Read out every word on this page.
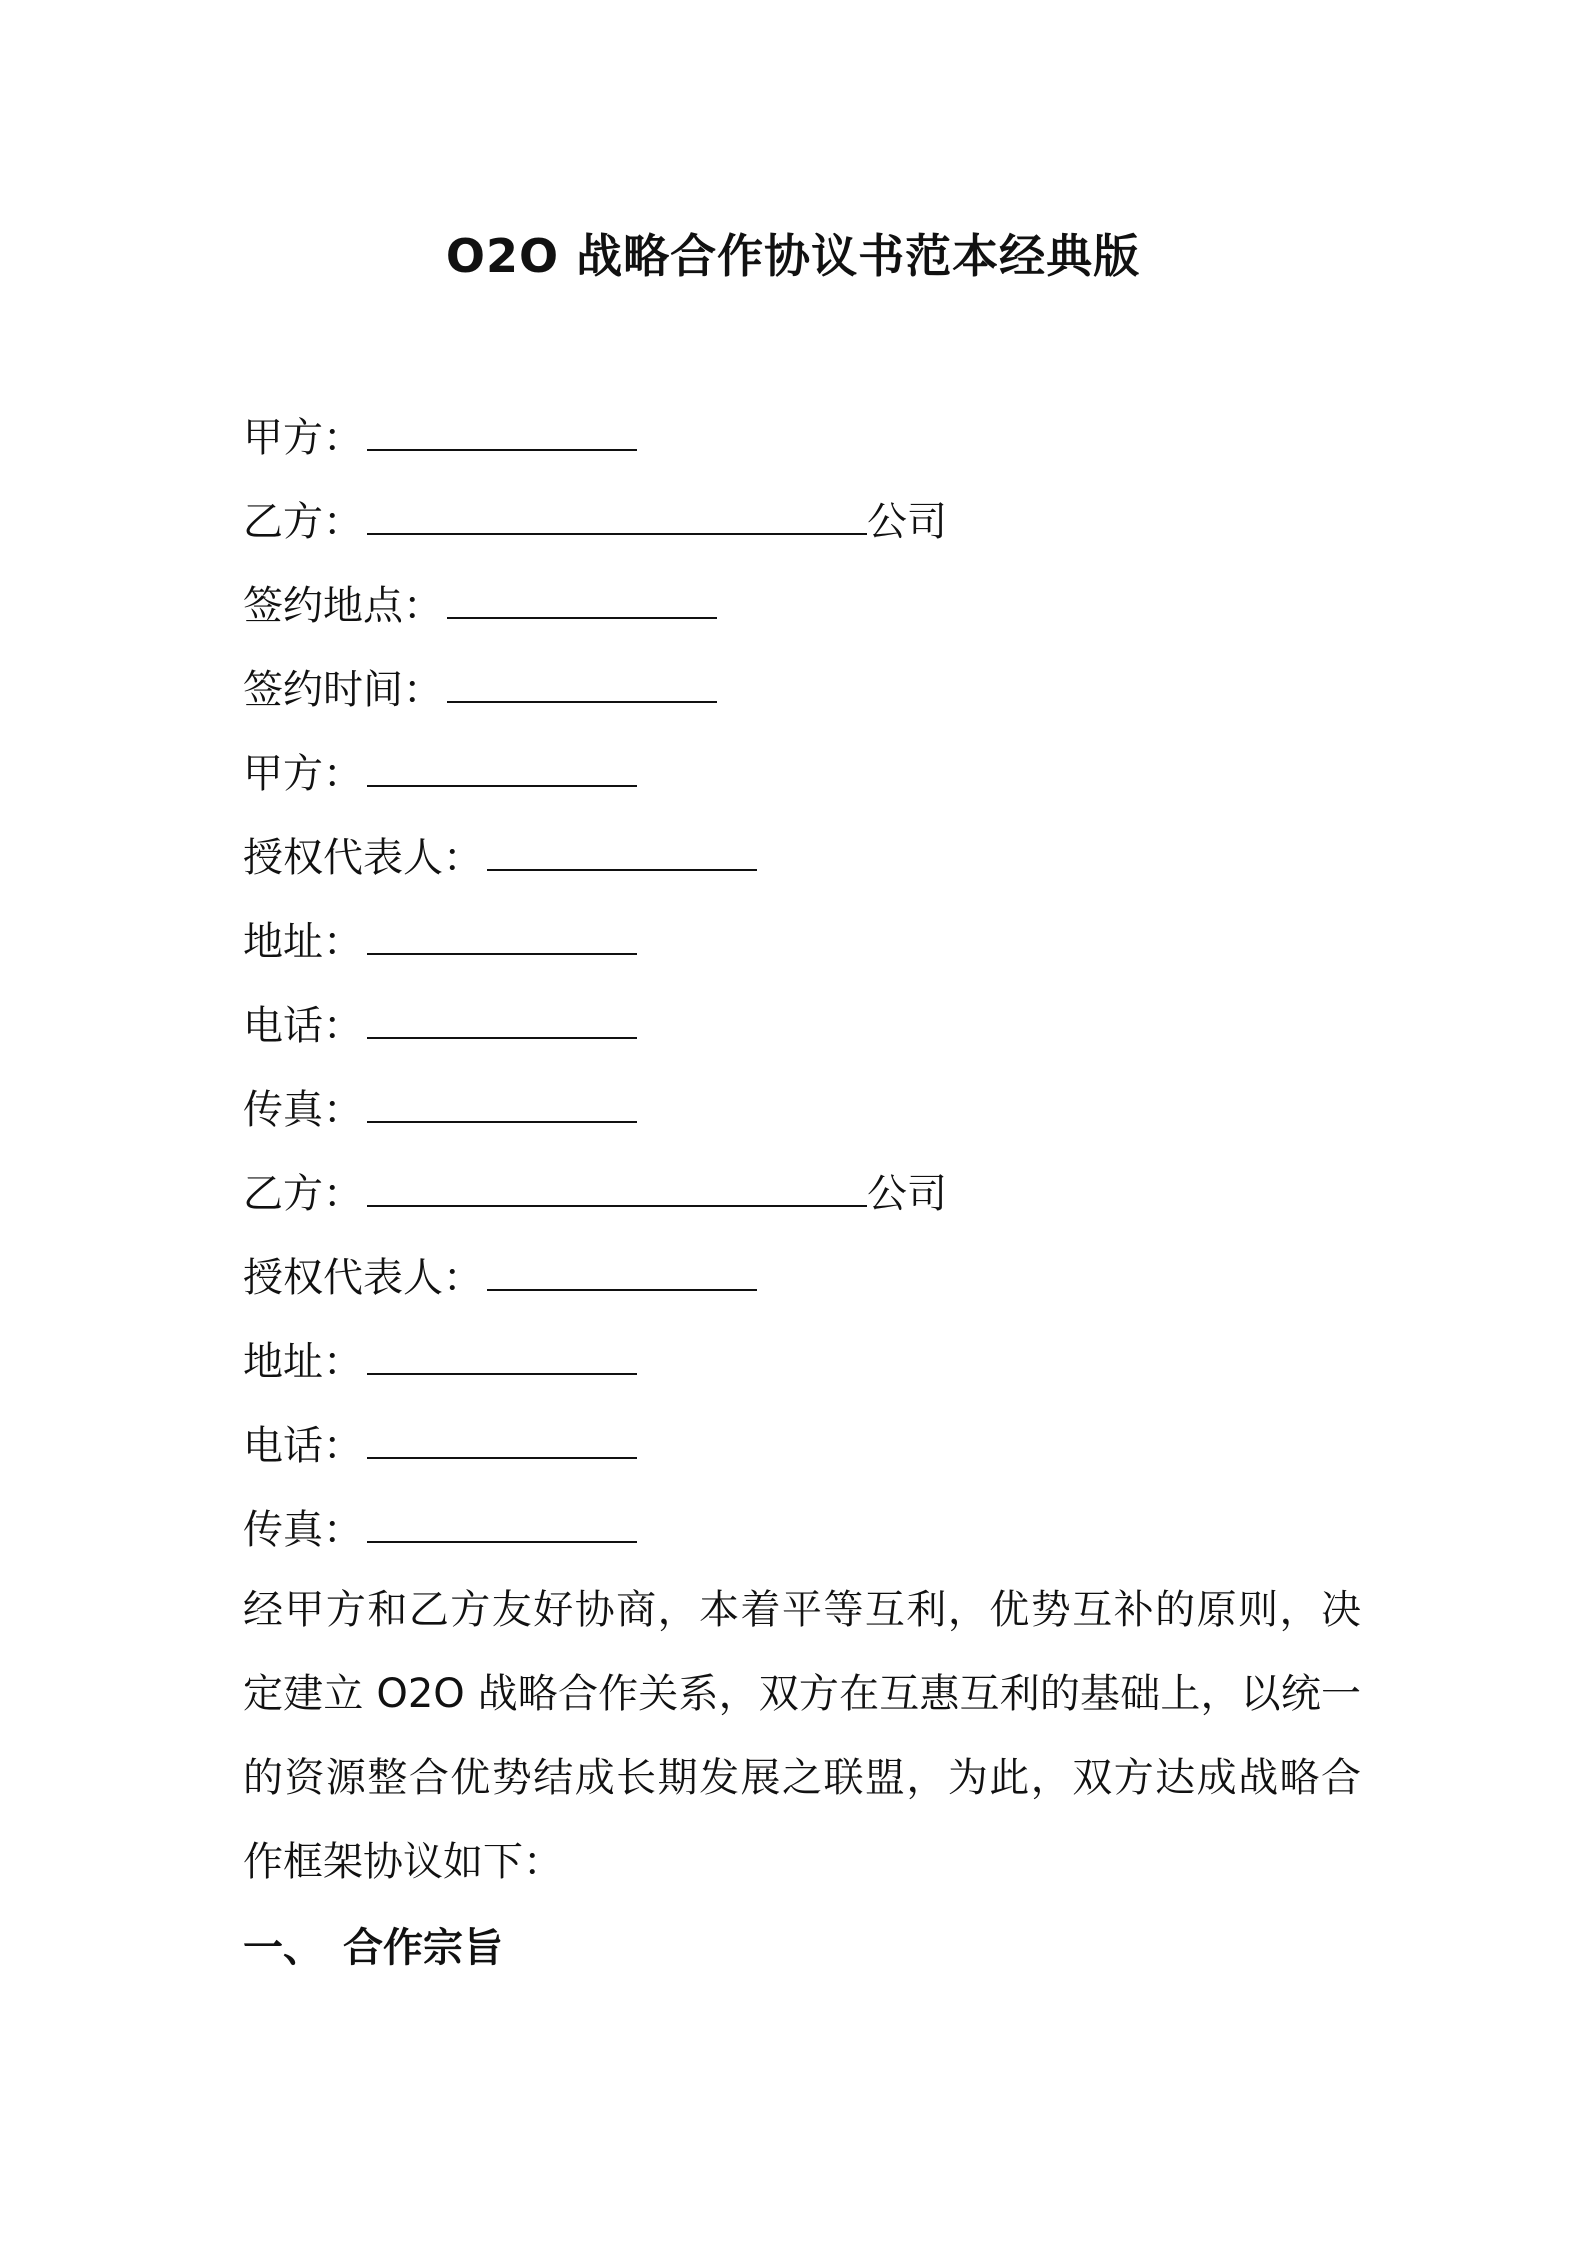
O2O 战略合作协议书范本经典版
甲方：
乙方：	公司
签约地点：
签约时间：
甲方：
授权代表人：
地址：
电话：
传真：
乙方：	公司
授权代表人：
地址：
电话：
传真：

经甲方和乙方友好协商，本着平等互利，优势互补的原则，决定建立 O2O 战略合作关系，双方在互惠互利的基础上，以统一的资源整合优势结成长期发展之联盟，为此，双方达成战略合作框架协议如下：

一、 合作宗旨
